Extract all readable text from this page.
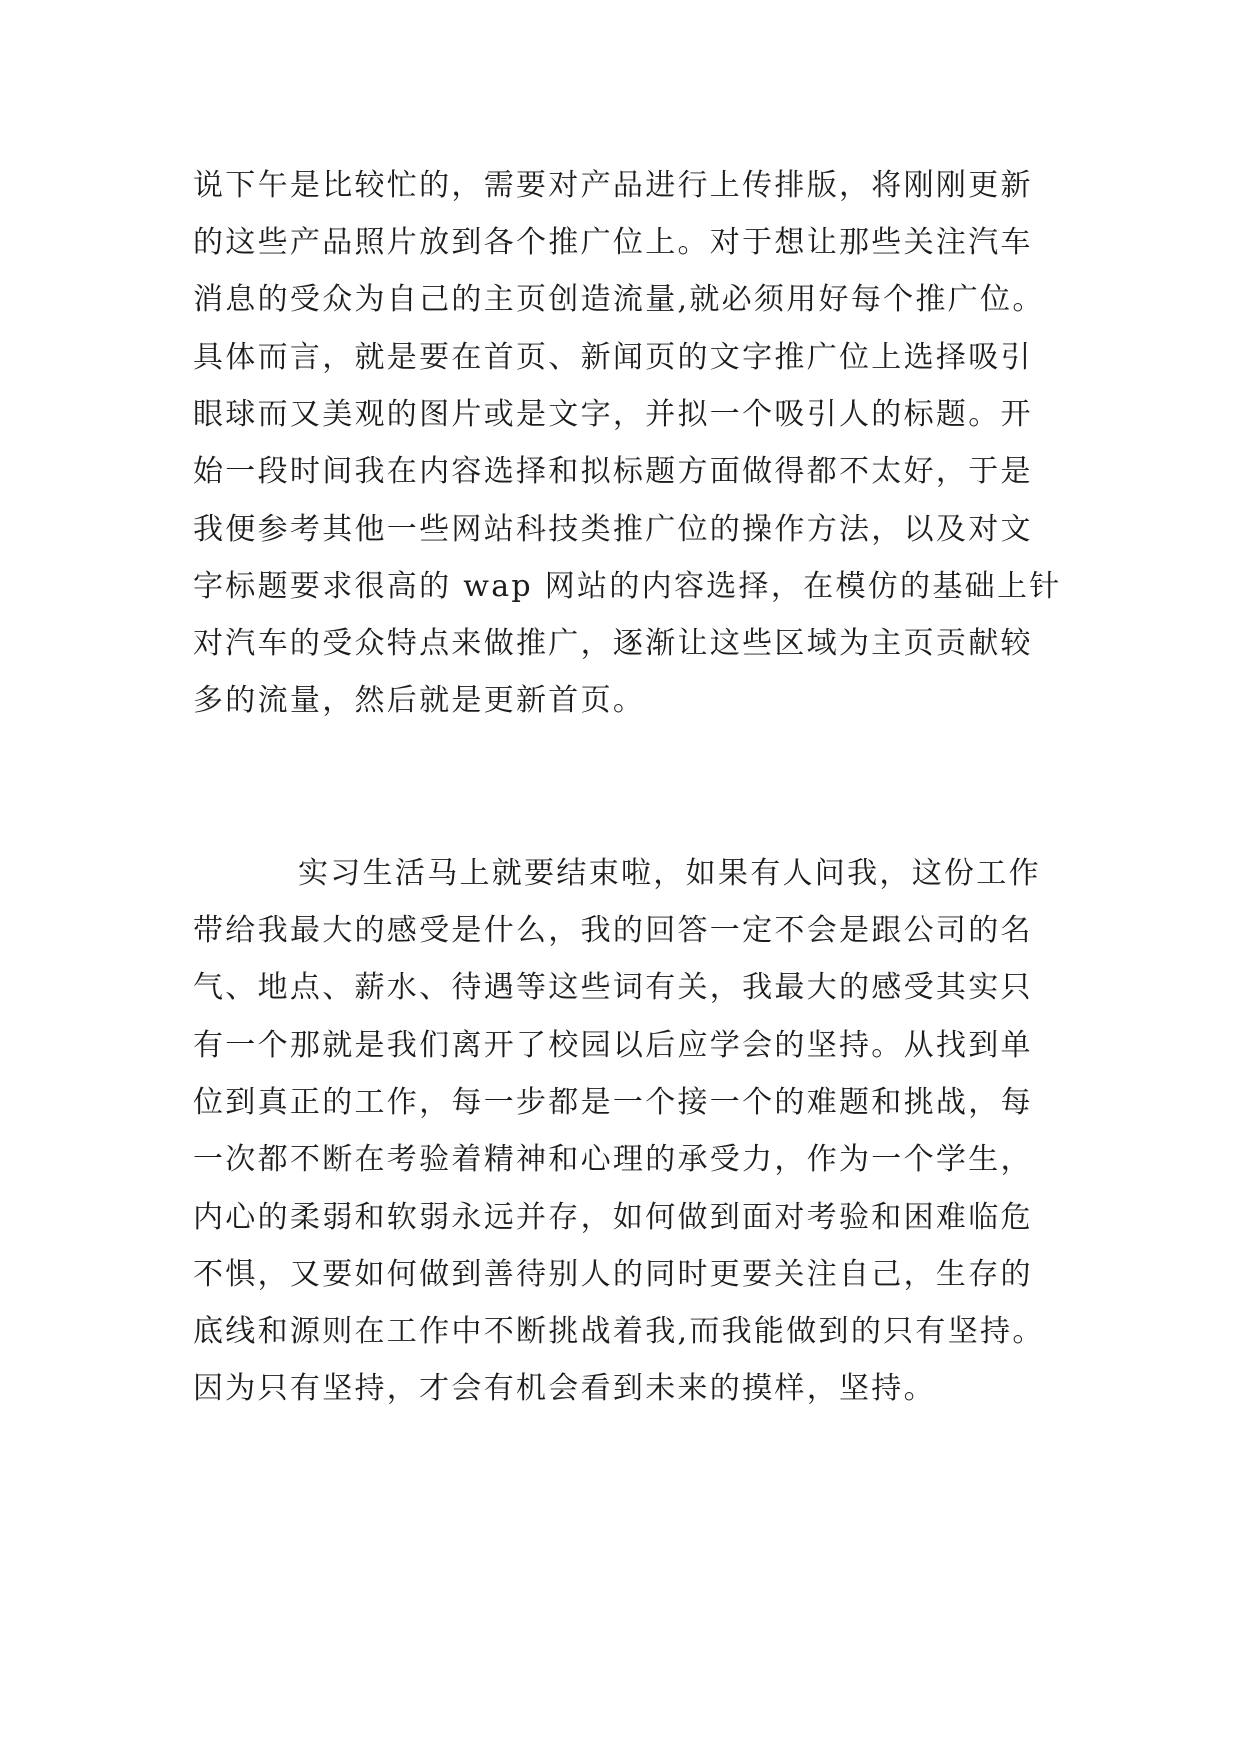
说下午是比较忙的，需要对产品进行上传排版，将刚刚更新

的这些产品照片放到各个推广位上。对于想让那些关注汽车

消息的受众为自己的主页创造流量,就必须用好每个推广位。

具体而言，就是要在首页、新闻页的文字推广位上选择吸引

眼球而又美观的图片或是文字，并拟一个吸引人的标题。开

始一段时间我在内容选择和拟标题方面做得都不太好，于是

我便参考其他一些网站科技类推广位的操作方法，以及对文

字标题要求很高的 wap 网站的内容选择，在模仿的基础上针

对汽车的受众特点来做推广，逐渐让这些区域为主页贡献较

多的流量，然后就是更新首页。

实习生活马上就要结束啦，如果有人问我，这份工作

带给我最大的感受是什么，我的回答一定不会是跟公司的名

气、地点、薪水、待遇等这些词有关，我最大的感受其实只

有一个那就是我们离开了校园以后应学会的坚持。从找到单

位到真正的工作，每一步都是一个接一个的难题和挑战，每

一次都不断在考验着精神和心理的承受力，作为一个学生，

内心的柔弱和软弱永远并存，如何做到面对考验和困难临危

不惧，又要如何做到善待别人的同时更要关注自己，生存的

底线和源则在工作中不断挑战着我,而我能做到的只有坚持。

因为只有坚持，才会有机会看到未来的摸样，坚持。
